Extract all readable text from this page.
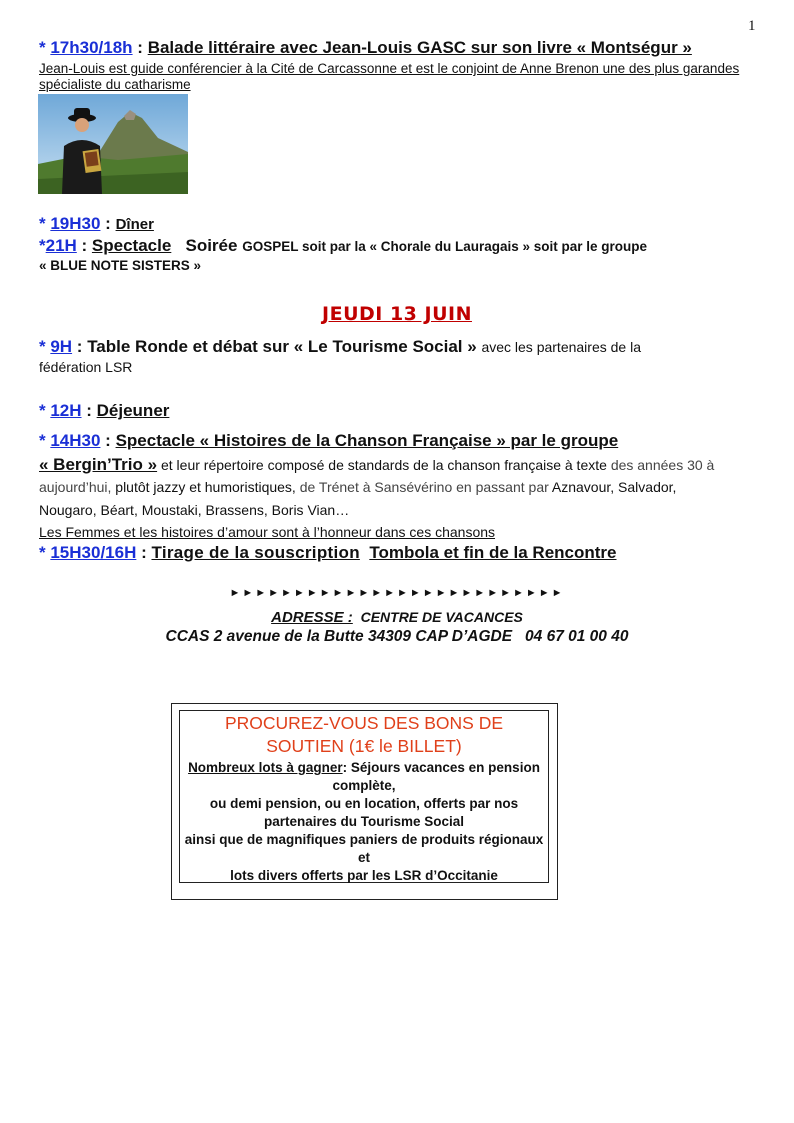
1
* 17h30/18h : Balade littéraire avec Jean-Louis GASC sur son livre « Montségur »
Jean-Louis est guide conférencier à la Cité de Carcassonne et est le conjoint de Anne Brenon une des plus garandes spécialiste du catharisme
* 19H30 : Dîner
*21H : Spectacle Soirée GOSPEL soit par la « Chorale du Lauragais » soit par le groupe
« BLUE NOTE SISTERS »
JEUDI 13 JUIN
* 9H : Table Ronde et débat sur « Le Tourisme Social » avec les partenaires de la
fédération LSR
* 12H : Déjeuner
* 14H30 : Spectacle « Histoires de la Chanson Française » par le groupe
« Bergin’Trio » et leur répertoire composé de standards de la chanson française à texte des années 30 à
aujourd’hui, plutôt jazzy et humoristiques, de Trénet à Sansévérino en passant par Aznavour, Salvador,
Nougaro, Béart, Moustaki, Brassens, Boris Vian…
Les Femmes et les histoires d’amour sont à l’honneur dans ces chansons
* 15H30/16H : Tirage de la souscription Tombola et fin de la Rencontre
►►►►►►►►►►►►►►►►►►►►►►►►►►
ADRESSE : CENTRE DE VACANCES
CCAS 2 avenue de la Butte 34309 CAP D’AGDE 04 67 01 00 40
PROCUREZ-VOUS DES BONS DE
SOUTIEN (1€ le BILLET)
Nombreux lots à gagner: Séjours vacances en pension
complète,
ou demi pension, ou en location, offerts par nos
partenaires du Tourisme Social
ainsi que de magnifiques paniers de produits régionaux et
lots divers offerts par les LSR d’Occitanie
